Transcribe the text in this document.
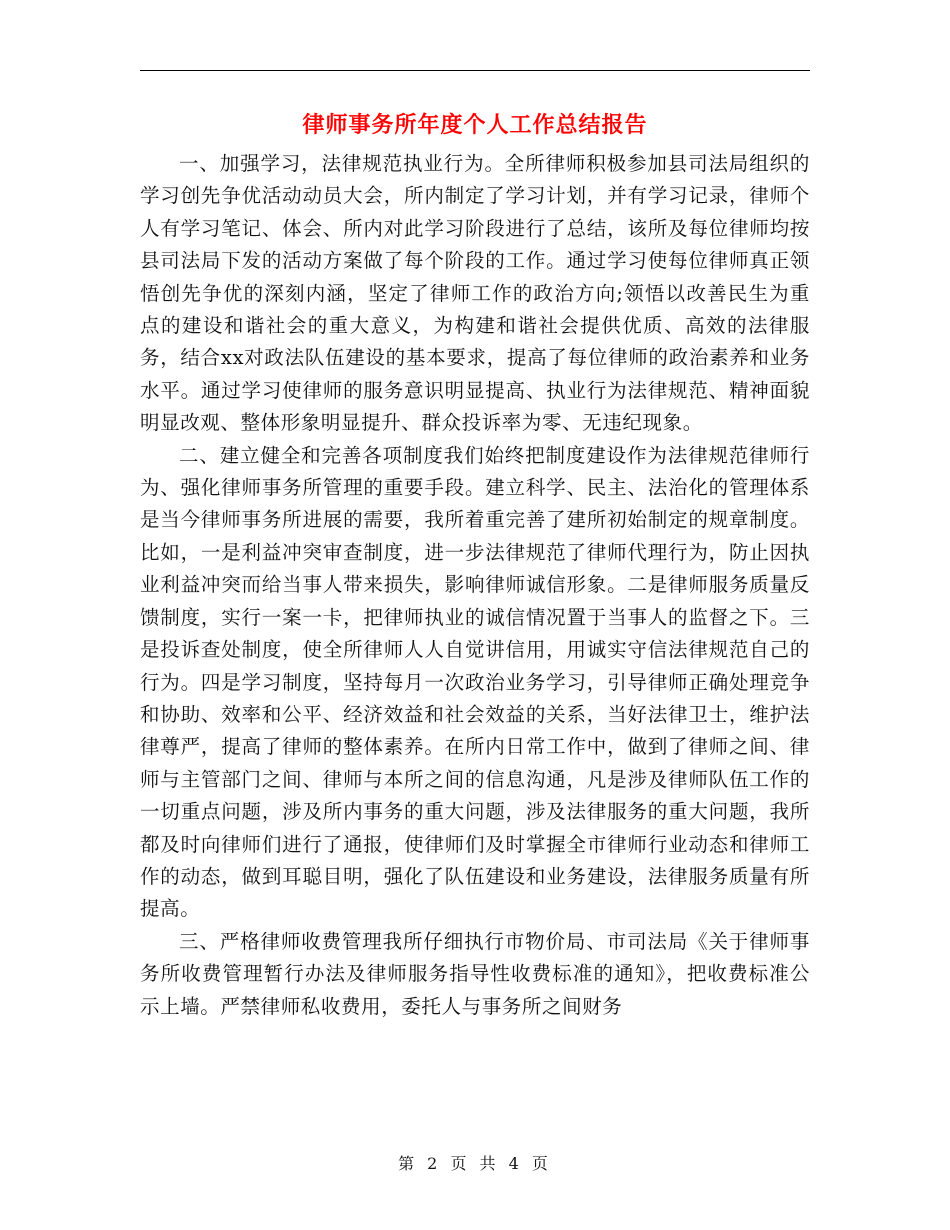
律师事务所年度个人工作总结报告

一、加强学习，法律规范执业行为。全所律师积极参加县司法局组织的学习创先争优活动动员大会，所内制定了学习计划，并有学习记录，律师个人有学习笔记、体会、所内对此学习阶段进行了总结，该所及每位律师均按县司法局下发的活动方案做了每个阶段的工作。通过学习使每位律师真正领悟创先争优的深刻内涵，坚定了律师工作的政治方向;领悟以改善民生为重点的建设和谐社会的重大意义，为构建和谐社会提供优质、高效的法律服务，结合xx对政法队伍建设的基本要求，提高了每位律师的政治素养和业务水平。通过学习使律师的服务意识明显提高、执业行为法律规范、精神面貌明显改观、整体形象明显提升、群众投诉率为零、无违纪现象。

二、建立健全和完善各项制度我们始终把制度建设作为法律规范律师行为、强化律师事务所管理的重要手段。建立科学、民主、法治化的管理体系是当今律师事务所进展的需要，我所着重完善了建所初始制定的规章制度。比如，一是利益冲突审查制度，进一步法律规范了律师代理行为，防止因执业利益冲突而给当事人带来损失，影响律师诚信形象。二是律师服务质量反馈制度，实行一案一卡，把律师执业的诚信情况置于当事人的监督之下。三是投诉查处制度，使全所律师人人自觉讲信用，用诚实守信法律规范自己的行为。四是学习制度，坚持每月一次政治业务学习，引导律师正确处理竞争和协助、效率和公平、经济效益和社会效益的关系，当好法律卫士，维护法律尊严，提高了律师的整体素养。在所内日常工作中，做到了律师之间、律师与主管部门之间、律师与本所之间的信息沟通，凡是涉及律师队伍工作的一切重点问题，涉及所内事务的重大问题，涉及法律服务的重大问题，我所都及时向律师们进行了通报，使律师们及时掌握全市律师行业动态和律师工作的动态，做到耳聪目明，强化了队伍建设和业务建设，法律服务质量有所提高。

三、严格律师收费管理我所仔细执行市物价局、市司法局《关于律师事务所收费管理暂行办法及律师服务指导性收费标准的通知》，把收费标准公示上墙。严禁律师私收费用，委托人与事务所之间财务

第 2 页 共 4 页
